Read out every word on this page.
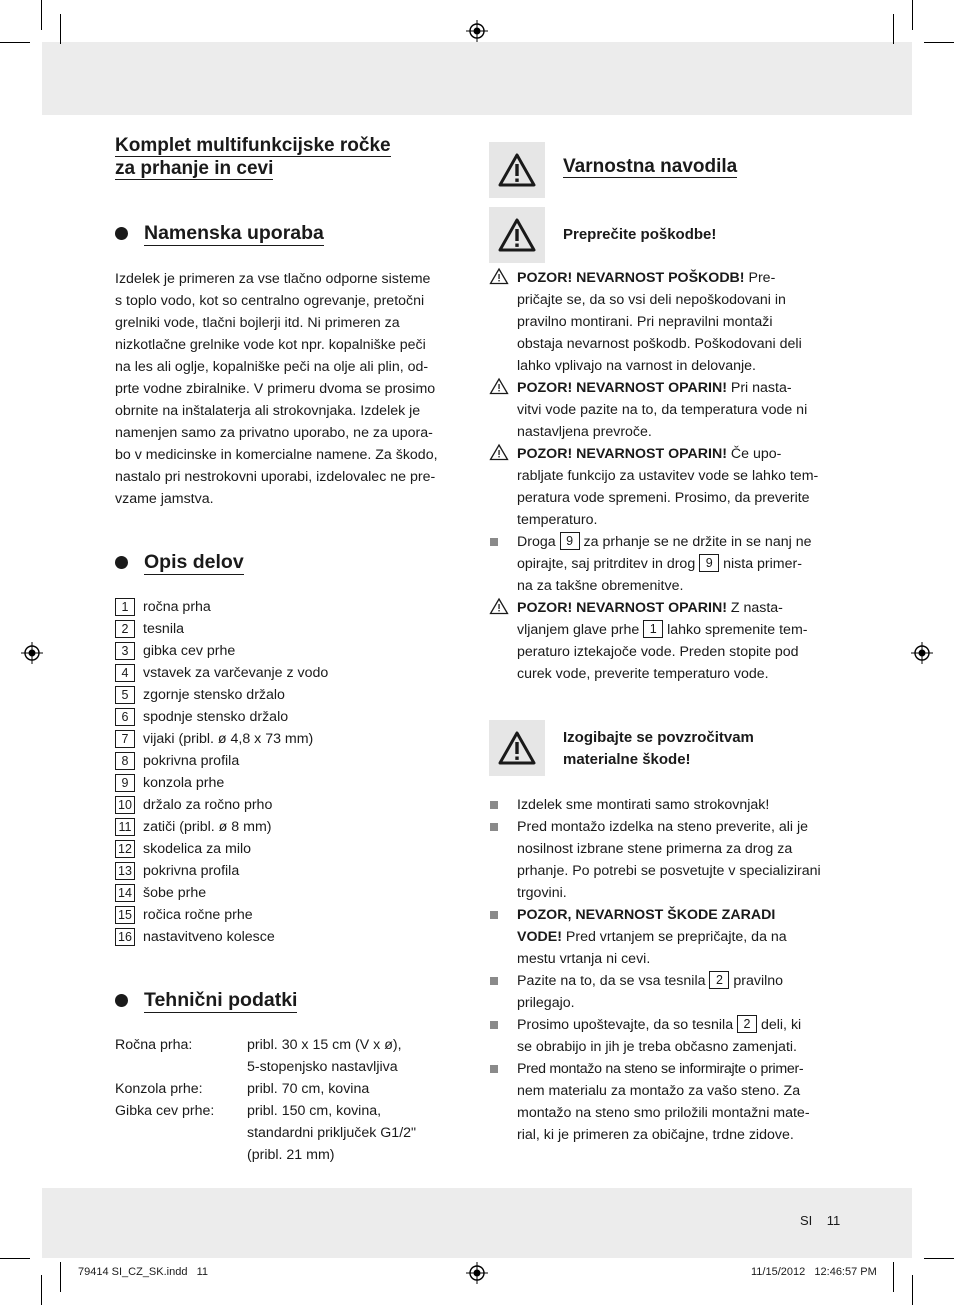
Komplet multifunkcijske ročke
za prhanje in cevi
Namenska uporaba
Izdelek je primeren za vse tlačno odporne sisteme
s toplo vodo, kot so centralno ogrevanje, pretočni
grelniki vode, tlačni bojlerji itd. Ni primeren za
nizkotlačne grelnike vode kot npr. kopalniške peči
na les ali oglje, kopalniške peči na olje ali plin, od-
prte vodne zbiralnike. V primeru dvoma se prosimo
obrnite na inštalaterja ali strokovnjaka. Izdelek je
namenjen samo za privatno uporabo, ne za upora-
bo v medicinske in komercialne namene. Za škodo,
nastalo pri nestrokovni uporabi, izdelovalec ne pre-
vzame jamstva.
Opis delov
1	ročna prha
2	tesnila
3	gibka cev prhe
4	vstavek za varčevanje z vodo
5	zgornje stensko držalo
6	spodnje stensko držalo
7	vijaki (pribl. ø 4,8 x 73 mm)
8	pokrivna profila
9	konzola prhe
10 držalo za ročno prho
11 zatiči (pribl. ø 8 mm)
12 skodelica za milo
13 pokrivna profila
14 šobe prhe
15 ročica ročne prhe
16 nastavitveno kolesce
Tehnični podatki
Ročna prha:	pribl. 30 x 15 cm (V x ø),
5-stopenjsko nastavljiva
Konzola prhe:	pribl. 70 cm, kovina
Gibka cev prhe:	pribl. 150 cm, kovina,
standardni priključek G1/2"
(pribl. 21 mm)
Varnostna navodila
Preprečite poškodbe!
POZOR! NEVARNOST POŠKODB! Pre-
pričajte se, da so vsi deli nepoškodovani in
pravilno montirani. Pri nepravilni montaži
obstaja nevarnost poškodb. Poškodovani deli
lahko vplivajo na varnost in delovanje.
POZOR! NEVARNOST OPARIN! Pri nasta-
vitvi vode pazite na to, da temperatura vode ni
nastavljena prevroče.
POZOR! NEVARNOST OPARIN! Če upo-
rabljate funkcijo za ustavitev vode se lahko tem-
peratura vode spremeni. Prosimo, da preverite
temperaturo.
Droga 9 za prhanje se ne držite in se nanj ne
opirajte, saj pritrditev in drog 9 nista primer-
na za takšne obremenitve.
POZOR! NEVARNOST OPARIN! Z nasta-
vljanjem glave prhe 1 lahko spremenite tem-
peraturo iztekajoče vode. Preden stopite pod
curek vode, preverite temperaturo vode.
Izogibajte se povzročitvam
materialne škode!
Izdelek sme montirati samo strokovnjak!
Pred montažo izdelka na steno preverite, ali je
nosilnost izbrane stene primerna za drog za
prhanje. Po potrebi se posvetujte v specializirani
trgovini.
POZOR, NEVARNOST ŠKODE ZARADI
VODE! Pred vrtanjem se prepričajte, da na
mestu vrtanja ni cevi.
Pazite na to, da se vsa tesnila 2 pravilno
prilegajo.
Prosimo upoštevajte, da so tesnila 2 deli, ki
se obrabijo in jih je treba občasno zamenjati.
Pred montažo na steno se informirajte o primer-
nem materialu za montažo za vašo steno. Za
montažo na steno smo priložili montažni mate-
rial, ki je primeren za običajne, trdne zidove.
SI 11
79414 SI_CZ_SK.indd   11	11/15/2012   12:46:57 PM
